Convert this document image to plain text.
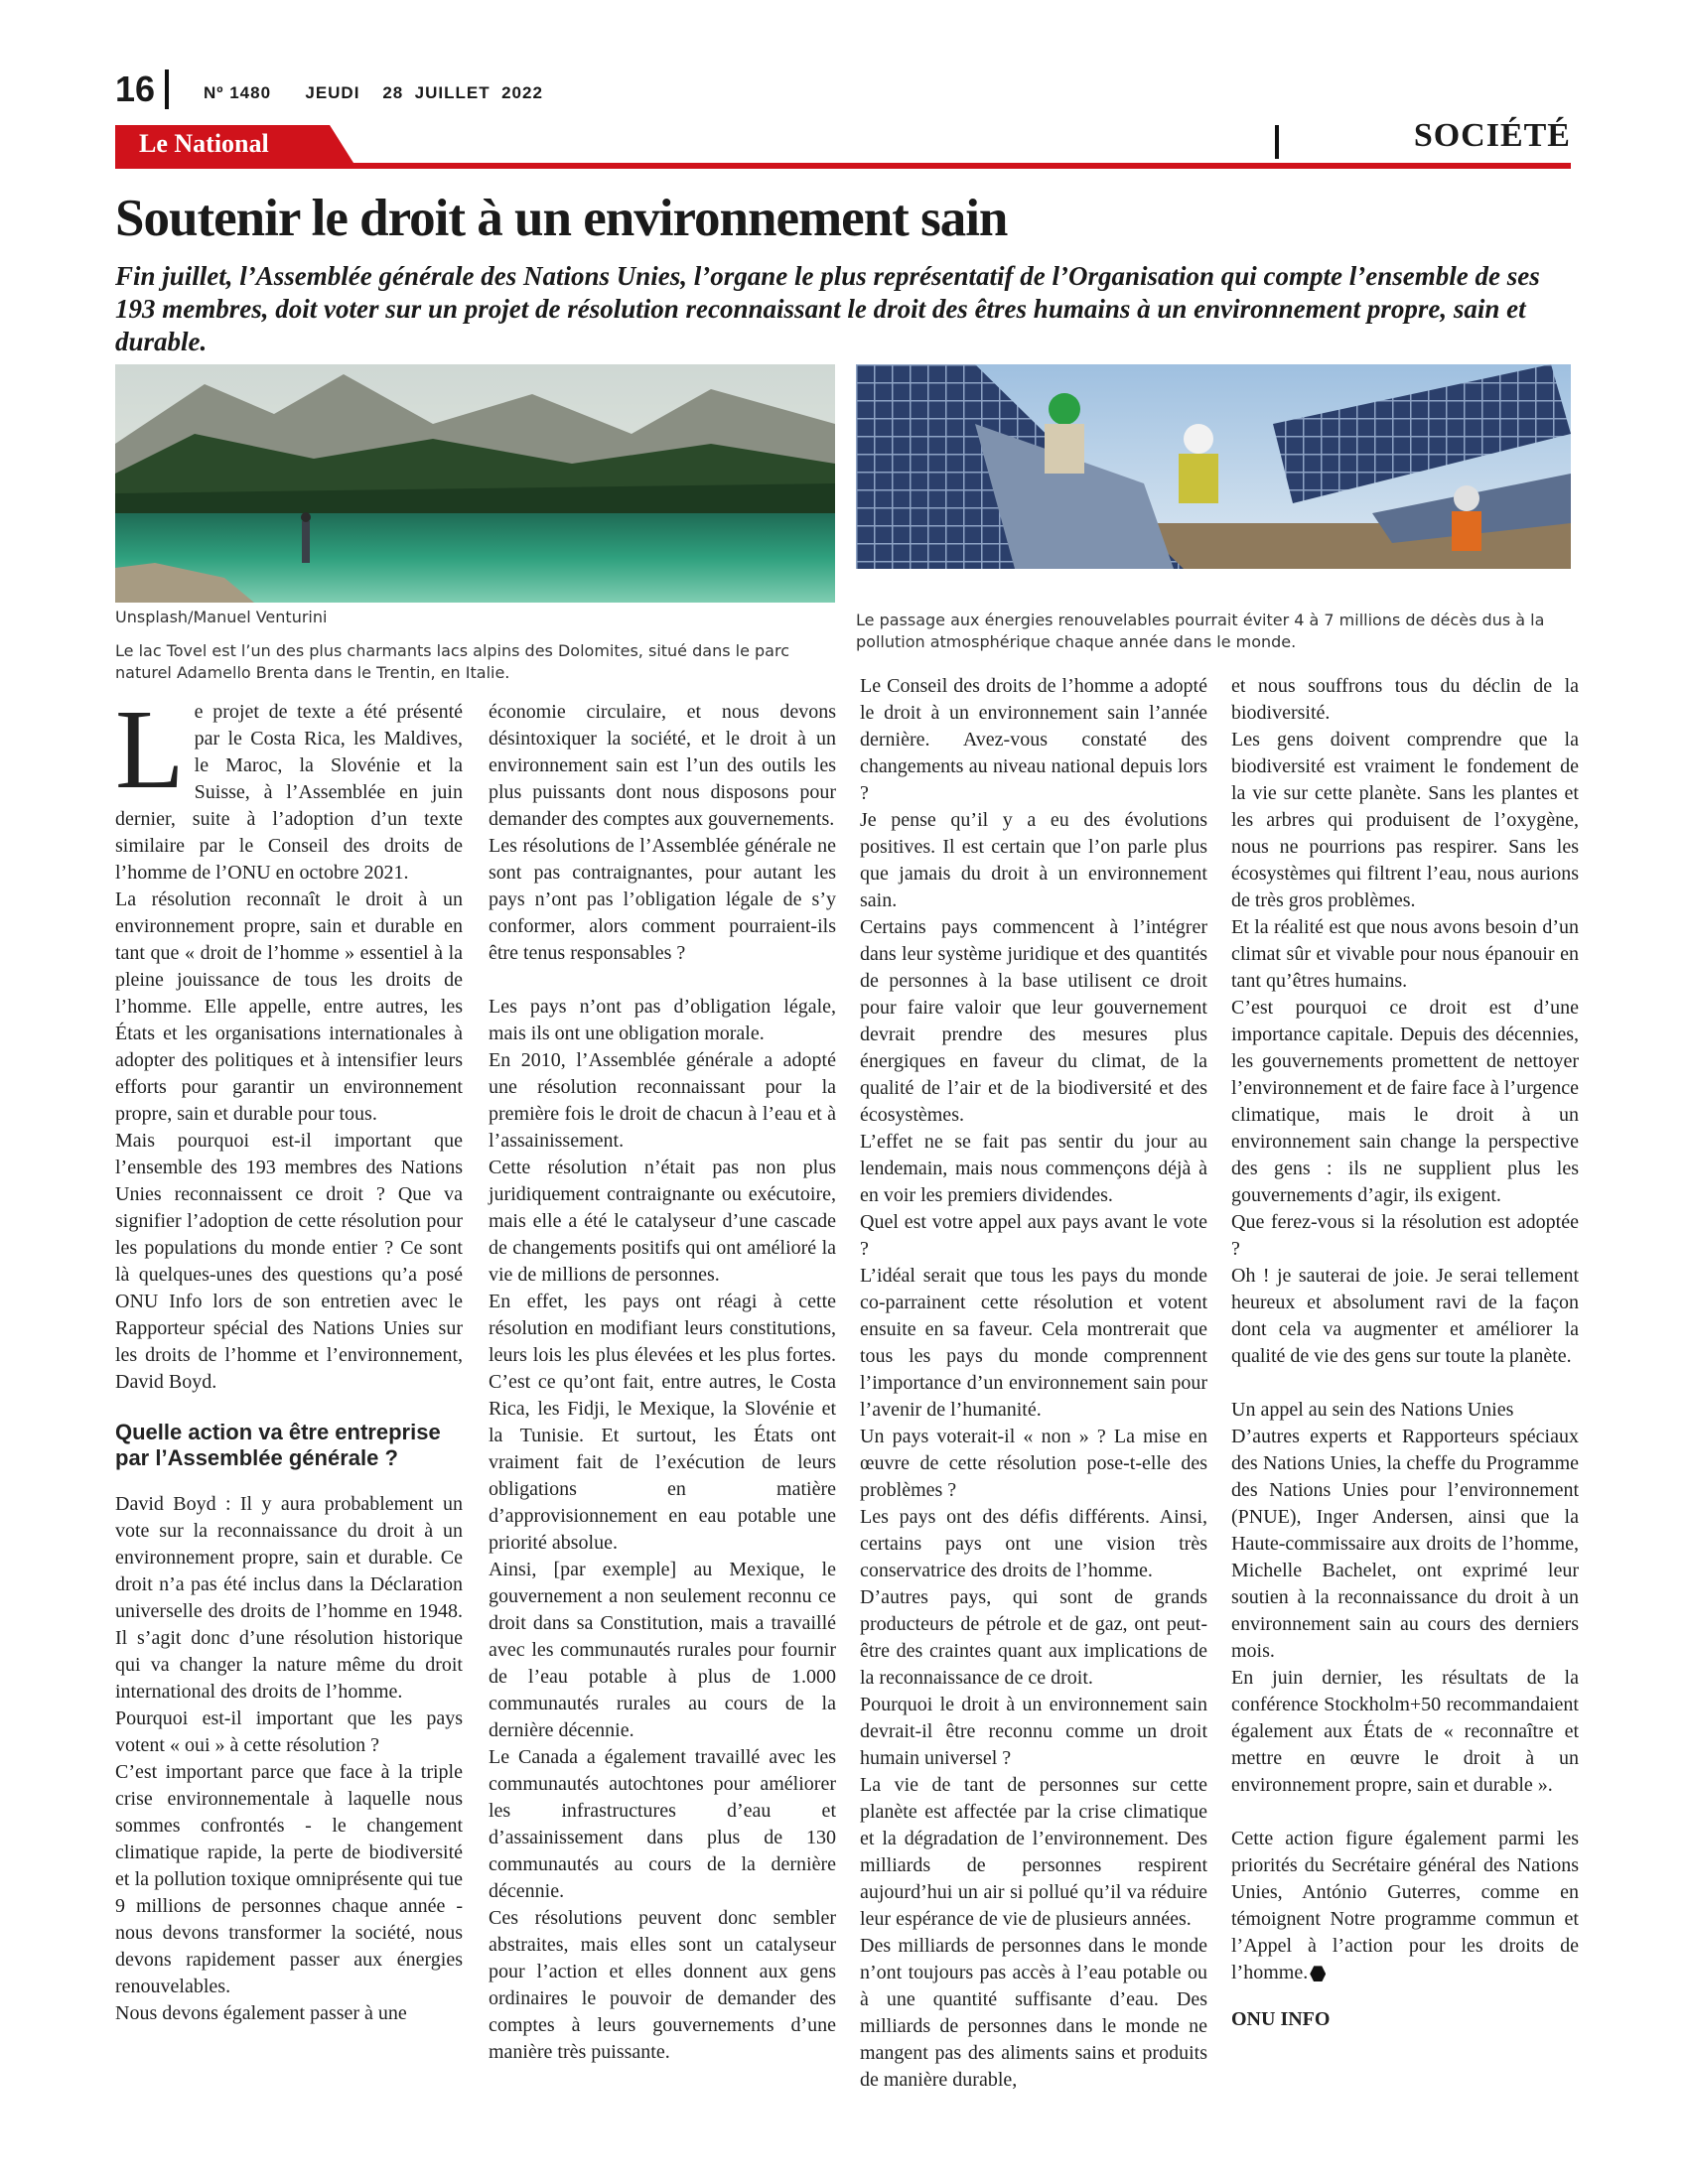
16	Nº 1480      JEUDI    28  JUILLET  2022
Le National	SOCIÉTÉ
Soutenir le droit à un environnement sain

Fin juillet, l’Assemblée générale des Nations Unies, l’organe le plus représentatif de l’Organisation qui compte l’ensemble de ses 193 membres, doit voter sur un projet de résolution reconnaissant le droit des êtres humains à un environnement propre, sain et durable.

Unsplash/Manuel Venturini
Le lac Tovel est l’un des plus charmants lacs alpins des Dolomites, situé dans le parc naturel Adamello Brenta dans le Trentin, en Italie.
Le passage aux énergies renouvelables pourrait éviter 4 à 7 millions de décès dus à la pollution atmosphérique chaque année dans le monde.

Le projet de texte a été présenté par le Costa Rica, les Maldives, le Maroc, la Slovénie et la Suisse, à l’Assemblée en juin dernier, suite à l’adoption d’un texte similaire par le Conseil des droits de l’homme de l’ONU en octobre 2021.

La résolution reconnaît le droit à un environnement propre, sain et durable en tant que « droit de l’homme » essentiel à la pleine jouissance de tous les droits de l’homme. Elle appelle, entre autres, les États et les organisations internationales à adopter des politiques et à intensifier leurs efforts pour garantir un environnement propre, sain et durable pour tous.

Mais pourquoi est-il important que l’ensemble des 193 membres des Nations Unies reconnaissent ce droit ? Que va signifier l’adoption de cette résolution pour les populations du monde entier ? Ce sont là quelques-unes des questions qu’a posé ONU Info lors de son entretien avec le Rapporteur spécial des Nations Unies sur les droits de l’homme et l’environnement, David Boyd.

Quelle action va être entreprise par l’Assemblée générale ?

David Boyd : Il y aura probablement un vote sur la reconnaissance du droit à un environnement propre, sain et durable. Ce droit n’a pas été inclus dans la Déclaration universelle des droits de l’homme en 1948. Il s’agit donc d’une résolution historique qui va changer la nature même du droit international des droits de l’homme.

Pourquoi est-il important que les pays votent « oui » à cette résolution ?

C’est important parce que face à la triple crise environnementale à laquelle nous sommes confrontés - le changement climatique rapide, la perte de biodiversité et la pollution toxique omniprésente qui tue 9 millions de personnes chaque année - nous devons transformer la société, nous devons rapidement passer aux énergies renouvelables.

Nous devons également passer à une

économie circulaire, et nous devons désintoxiquer la société, et le droit à un environnement sain est l’un des outils les plus puissants dont nous disposons pour demander des comptes aux gouvernements.

Les résolutions de l’Assemblée générale ne sont pas contraignantes, pour autant les pays n’ont pas l’obligation légale de s’y conformer, alors comment pourraient-ils être tenus responsables ?

Les pays n’ont pas d’obligation légale, mais ils ont une obligation morale.

En 2010, l’Assemblée générale a adopté une résolution reconnaissant pour la première fois le droit de chacun à l’eau et à l’assainissement.

Cette résolution n’était pas non plus juridiquement contraignante ou exécutoire, mais elle a été le catalyseur d’une cascade de changements positifs qui ont amélioré la vie de millions de personnes.

En effet, les pays ont réagi à cette résolution en modifiant leurs constitutions, leurs lois les plus élevées et les plus fortes. C’est ce qu’ont fait, entre autres, le Costa Rica, les Fidji, le Mexique, la Slovénie et la Tunisie. Et surtout, les États ont vraiment fait de l’exécution de leurs obligations en matière d’approvisionnement en eau potable une priorité absolue.

Ainsi, [par exemple] au Mexique, le gouvernement a non seulement reconnu ce droit dans sa Constitution, mais a travaillé avec les communautés rurales pour fournir de l’eau potable à plus de 1.000 communautés rurales au cours de la dernière décennie.

Le Canada a également travaillé avec les communautés autochtones pour améliorer les infrastructures d’eau et d’assainissement dans plus de 130 communautés au cours de la dernière décennie.

Ces résolutions peuvent donc sembler abstraites, mais elles sont un catalyseur pour l’action et elles donnent aux gens ordinaires le pouvoir de demander des comptes à leurs gouvernements d’une manière très puissante.

Le Conseil des droits de l’homme a adopté le droit à un environnement sain l’année dernière. Avez-vous constaté des changements au niveau national depuis lors ?

Je pense qu’il y a eu des évolutions positives. Il est certain que l’on parle plus que jamais du droit à un environnement sain.

Certains pays commencent à l’intégrer dans leur système juridique et des quantités de personnes à la base utilisent ce droit pour faire valoir que leur gouvernement devrait prendre des mesures plus énergiques en faveur du climat, de la qualité de l’air et de la biodiversité et des écosystèmes.

L’effet ne se fait pas sentir du jour au lendemain, mais nous commençons déjà à en voir les premiers dividendes.

Quel est votre appel aux pays avant le vote ?

L’idéal serait que tous les pays du monde co-parrainent cette résolution et votent ensuite en sa faveur. Cela montrerait que tous les pays du monde comprennent l’importance d’un environnement sain pour l’avenir de l’humanité.

Un pays voterait-il « non » ? La mise en œuvre de cette résolution pose-t-elle des problèmes ?

Les pays ont des défis différents. Ainsi, certains pays ont une vision très conservatrice des droits de l’homme.

D’autres pays, qui sont de grands producteurs de pétrole et de gaz, ont peut-être des craintes quant aux implications de la reconnaissance de ce droit.

Pourquoi le droit à un environnement sain devrait-il être reconnu comme un droit humain universel ?

La vie de tant de personnes sur cette planète est affectée par la crise climatique et la dégradation de l’environnement. Des milliards de personnes respirent aujourd’hui un air si pollué qu’il va réduire leur espérance de vie de plusieurs années.

Des milliards de personnes dans le monde n’ont toujours pas accès à l’eau potable ou à une quantité suffisante d’eau. Des milliards de personnes dans le monde ne mangent pas des aliments sains et produits de manière durable,

et nous souffrons tous du déclin de la biodiversité.

Les gens doivent comprendre que la biodiversité est vraiment le fondement de la vie sur cette planète. Sans les plantes et les arbres qui produisent de l’oxygène, nous ne pourrions pas respirer. Sans les écosystèmes qui filtrent l’eau, nous aurions de très gros problèmes.

Et la réalité est que nous avons besoin d’un climat sûr et vivable pour nous épanouir en tant qu’êtres humains.

C’est pourquoi ce droit est d’une importance capitale. Depuis des décennies, les gouvernements promettent de nettoyer l’environnement et de faire face à l’urgence climatique, mais le droit à un environnement sain change la perspective des gens : ils ne supplient plus les gouvernements d’agir, ils exigent.

Que ferez-vous si la résolution est adoptée ?

Oh ! je sauterai de joie. Je serai tellement heureux et absolument ravi de la façon dont cela va augmenter et améliorer la qualité de vie des gens sur toute la planète.

Un appel au sein des Nations Unies

D’autres experts et Rapporteurs spéciaux des Nations Unies, la cheffe du Programme des Nations Unies pour l’environnement (PNUE), Inger Andersen, ainsi que la Haute-commissaire aux droits de l’homme, Michelle Bachelet, ont exprimé leur soutien à la reconnaissance du droit à un environnement sain au cours des derniers mois.

En juin dernier, les résultats de la conférence Stockholm+50 recommandaient également aux États de « reconnaître et mettre en œuvre le droit à un environnement propre, sain et durable ».

Cette action figure également parmi les priorités du Secrétaire général des Nations Unies, António Guterres, comme en témoignent Notre programme commun et l’Appel à l’action pour les droits de l’homme.

ONU INFO
